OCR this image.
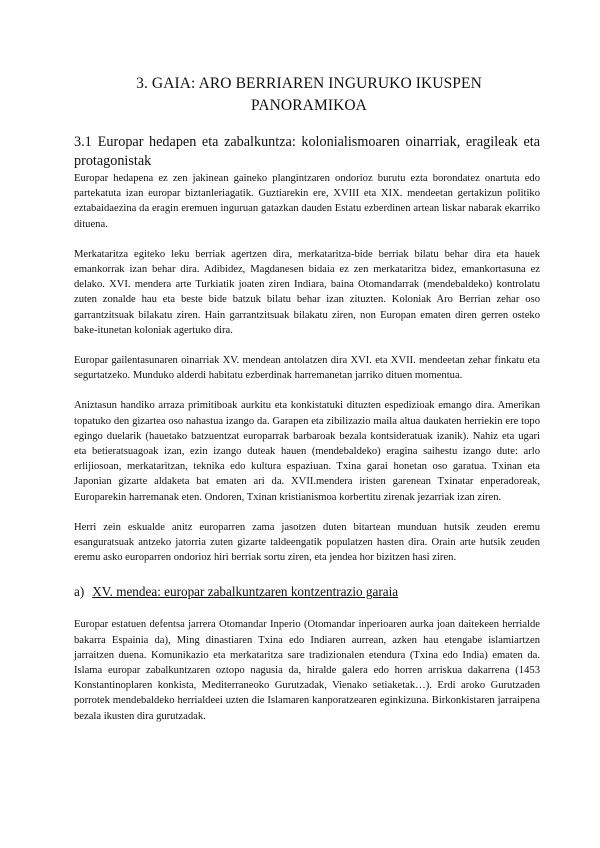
3. GAIA: ARO BERRIAREN INGURUKO IKUSPEN
PANORAMIKOA
3.1 Europar hedapen eta zabalkuntza: kolonialismoaren oinarriak, eragileak eta protagonistak

Europar hedapena ez zen jakinean gaineko plangintzaren ondorioz burutu ezta borondatez onartuta edo partekatuta izan europar biztanleriagatik. Guztiarekin ere, XVIII eta XIX. mendeetan gertakizun politiko eztabaidaezina da eragin eremuen inguruan gatazkan dauden Estatu ezberdinen artean liskar nabarak ekarriko dituena.

Merkataritza egiteko leku berriak agertzen dira, merkataritza-bide berriak bilatu behar dira eta hauek emankorrak izan behar dira. Adibidez, Magdanesen bidaia ez zen merkataritza bidez, emankortasuna ez delako. XVI. mendera arte Turkiatik joaten ziren Indiara, baina Otomandarrak (mendebaldeko) kontrolatu zuten zonalde hau eta beste bide batzuk bilatu behar izan zituzten. Koloniak Aro Berrian zehar oso garrantzitsuak bilakatu ziren. Hain garrantzitsuak bilakatu ziren, non Europan ematen diren gerren osteko bake-itunetan koloniak agertuko dira.

Europar gailentasunaren oinarriak XV. mendean antolatzen dira XVI. eta XVII. mendeetan zehar finkatu eta segurtatzeko. Munduko alderdi habitatu ezberdinak harremanetan jarriko dituen momentua.

Aniztasun handiko arraza primitiboak aurkitu eta konkistatuki dituzten espedizioak emango dira. Amerikan topatuko den gizartea oso nahastua izango da. Garapen eta zibilizazio maila altua daukaten herriekin ere topo egingo duelarik (hauetako batzuentzat europarrak barbaroak bezala kontsideratuak izanik). Nahiz eta ugari eta betieratsuagoak izan, ezin izango duteak hauen (mendebaldeko) eragina saihestu izango dute: arlo erlijiosoan, merkataritzan, teknika edo kultura espaziuan. Txina garai honetan oso garatua. Txinan eta Japonian gizarte aldaketa bat ematen ari da. XVII.mendera iristen garenean Txinatar enperadoreak, Europarekin harremanak eten. Ondoren, Txinan kristianismoa korbertitu zirenak jezarriak izan ziren.

Herri zein eskualde anitz europarren zama jasotzen duten bitartean munduan hutsik zeuden eremu esanguratsuak antzeko jatorria zuten gizarte taldeengatik populatzen hasten dira. Orain arte hutsik zeuden eremu asko europarren ondorioz hiri berriak sortu ziren, eta jendea hor bizitzen hasi ziren.

a) XV. mendea: europar zabalkuntzaren kontzentrazio garaia

Europar estatuen defentsa jarrera Otomandar Inperio (Otomandar inperioaren aurka joan daitekeen herrialde bakarra Espainia da), Ming dinastiaren Txina edo Indiaren aurrean, azken hau etengabe islamiartzen jarraitzen duena. Komunikazio eta merkataritza sare tradizionalen etendura (Txina edo India) ematen da. Islama europar zabalkuntzaren oztopo nagusia da, hiralde galera edo horren arriskua dakarrena (1453 Konstantinoplaren konkista, Mediterraneoko Gurutzadak, Vienako setiaketak…). Erdi aroko Gurutzaden porrotek mendebaldeko herrialdeei uzten die Islamaren kanporatzearen eginkizuna. Birkonkistaren jarraipena bezala ikusten dira gurutzadak.
